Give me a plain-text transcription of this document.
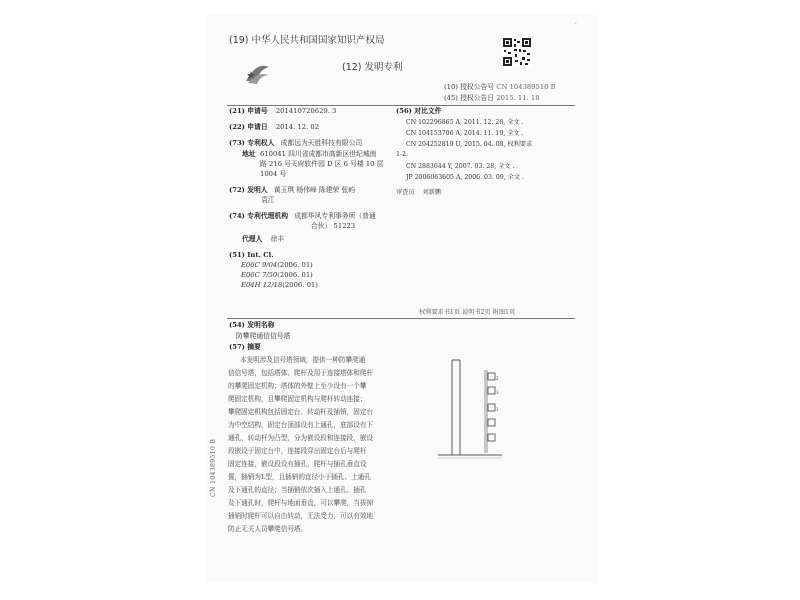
,
(19) 中华人民共和国国家知识产权局
(12) 发明专利
(10) 授权公告号 CN 104389510 B
(45) 授权公告日 2015. 11. 18
(21) 申请号 201410720629. 3
(22) 申请日 2014. 12. 02
(73) 专利权人 成都远为天胜科技有限公司
地址 610041 四川省成都市高新区世纪城南
路 216 号天府软件园 D 区 6 号楼 10 层
1004 号
(72) 发明人 黄玉琪 杨伟峰 陈建荣 张屿
袁江
(74) 专利代理机构 成都华风专利事务所（普通
合伙） 51223
代理人 徐丰
(51) Int. Cl.
E06C 9/04(2006. 01)
E06C 7/50(2006. 01)
E04H 12/18(2006. 01)
(56) 对比文件
CN 102296865 A, 2011. 12. 28, 全文 .
CN 104153706 A, 2014. 11. 19, 全文 .
CN 204252819 U, 2015. 04. 08, 权利要求
1-2.
CN 2883644 Y, 2007. 03. 28, 全文 .
JP 2006063605 A, 2006. 03. 09, 全文 .
审查员 刘新鹏
权利要求书1页 说明书2页 附图1页
(54) 发明名称
防攀爬通信信号塔
(57) 摘要
本发明涉及信号塔领域，提供一种防攀爬通
信信号塔，包括塔体、爬杆及用于连接塔体和爬杆
的攀爬固定机构；塔体的外壁上至少设有一个攀
爬固定机构，且攀爬固定机构与爬杆转动连接；
攀爬固定机构包括固定台、转动杆及插销，固定台
为中空结构，固定台顶部设有上通孔，底部设有下
通孔，转动杆为凸型，分为嵌设段和连接段，嵌设
段嵌设于固定台中，连接段穿出固定台后与爬杆
固定连接，嵌设段设有插孔，爬杆与插孔垂直设
置，插销为L型，且插销的直径小于插孔、上通孔
及下通孔的直径；当插销依次插入上通孔、插孔
及下通孔时，爬杆与地面垂直，可以攀爬，当拔掉
插销时爬杆可以自由转动，无法受力，可以有效地
防止无关人员攀爬信号塔。
2
3
1
CN 104389510 B
